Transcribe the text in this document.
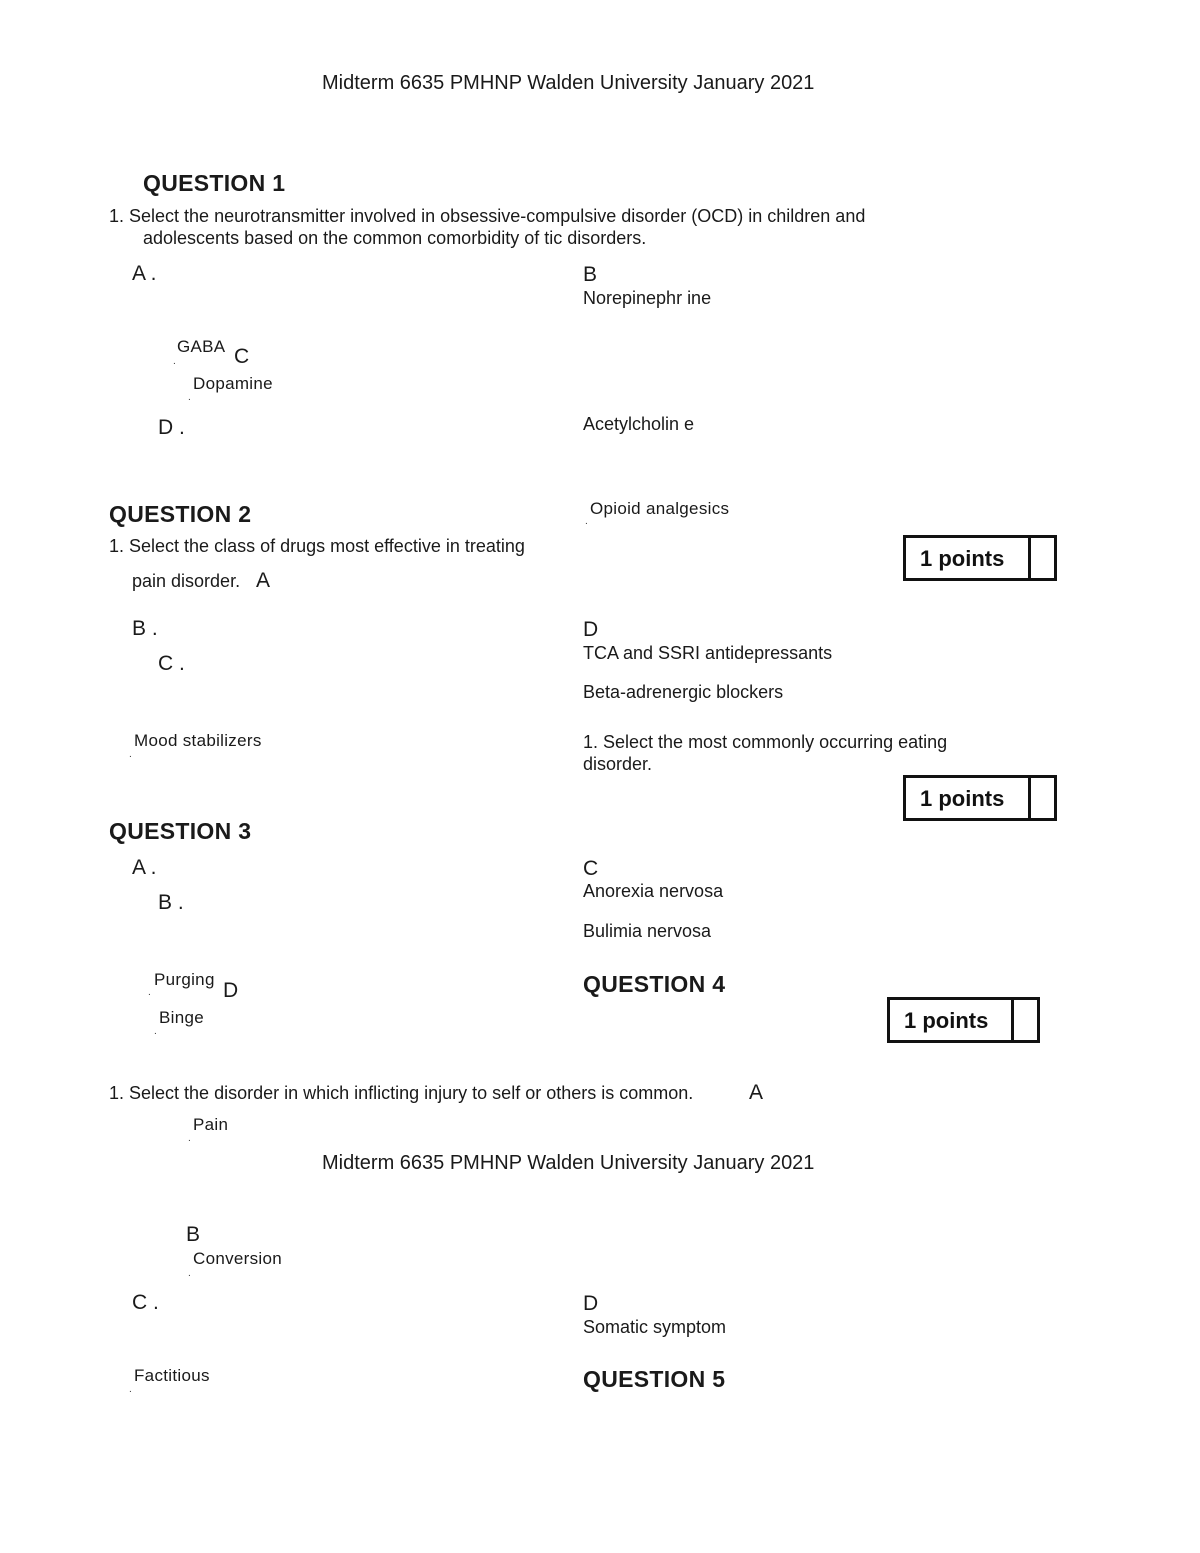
Midterm 6635 PMHNP Walden University January 2021
QUESTION 1
1. Select the neurotransmitter involved in obsessive-compulsive disorder (OCD) in children and
adolescents based on the common comorbidity of tic disorders.
A .	B
Norepinephr ine
GABA C
.
Dopamine
.
D .	Acetylcholin e
QUESTION 2	Opioid analgesics
.
1. Select the class of drugs most effective in treating	1 points
pain disorder. A
B .	D
C .	TCA and SSRI antidepressants
Beta-adrenergic blockers
Mood stabilizers
.
1. Select the most commonly occurring eating
disorder.
1 points
QUESTION 3
A .	C
B .	Anorexia nervosa
Bulimia nervosa
Purging D
.
Binge
.
QUESTION 4
1 points
1. Select the disorder in which inflicting injury to self or others is common.	A
Pain
.
Midterm 6635 PMHNP Walden University January 2021
B
Conversion
.
C .	D
Somatic symptom
Factitious
.	QUESTION 5
